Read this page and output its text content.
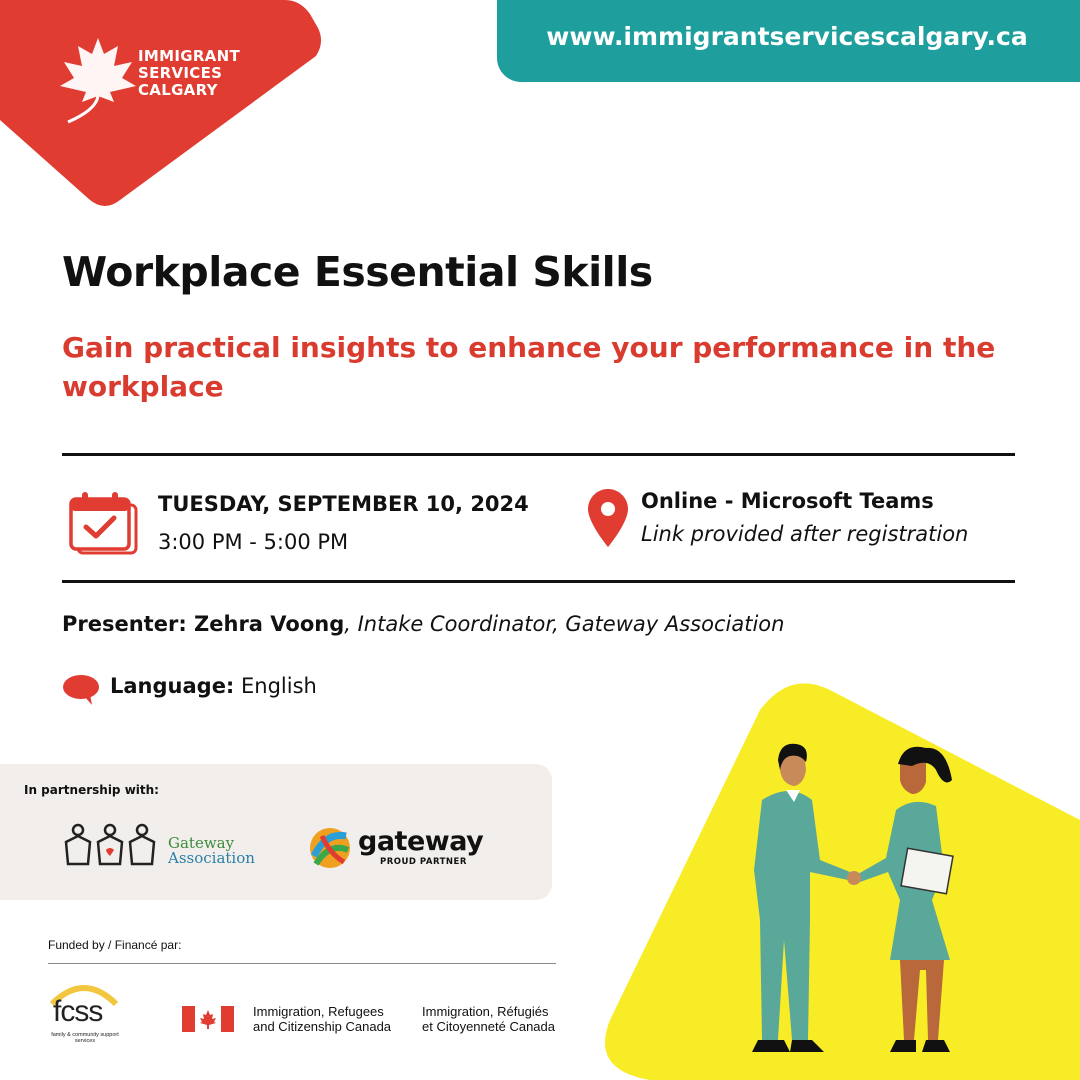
IMMIGRANT
SERVICES
CALGARY
www.immigrantservicescalgary.ca
Workplace Essential Skills
Gain practical insights to enhance your performance in the workplace
TUESDAY, SEPTEMBER 10, 2024
3:00 PM - 5:00 PM
Online - Microsoft Teams
Link provided after registration
Presenter: Zehra Voong, Intake Coordinator, Gateway Association
Language: English
In partnership with:
Gateway
Association
gateway
PROUD PARTNER
Funded by / Financé par:
fcss
family & community support services
Immigration, Refugees
and Citizenship Canada
Immigration, Réfugiés
et Citoyenneté Canada
